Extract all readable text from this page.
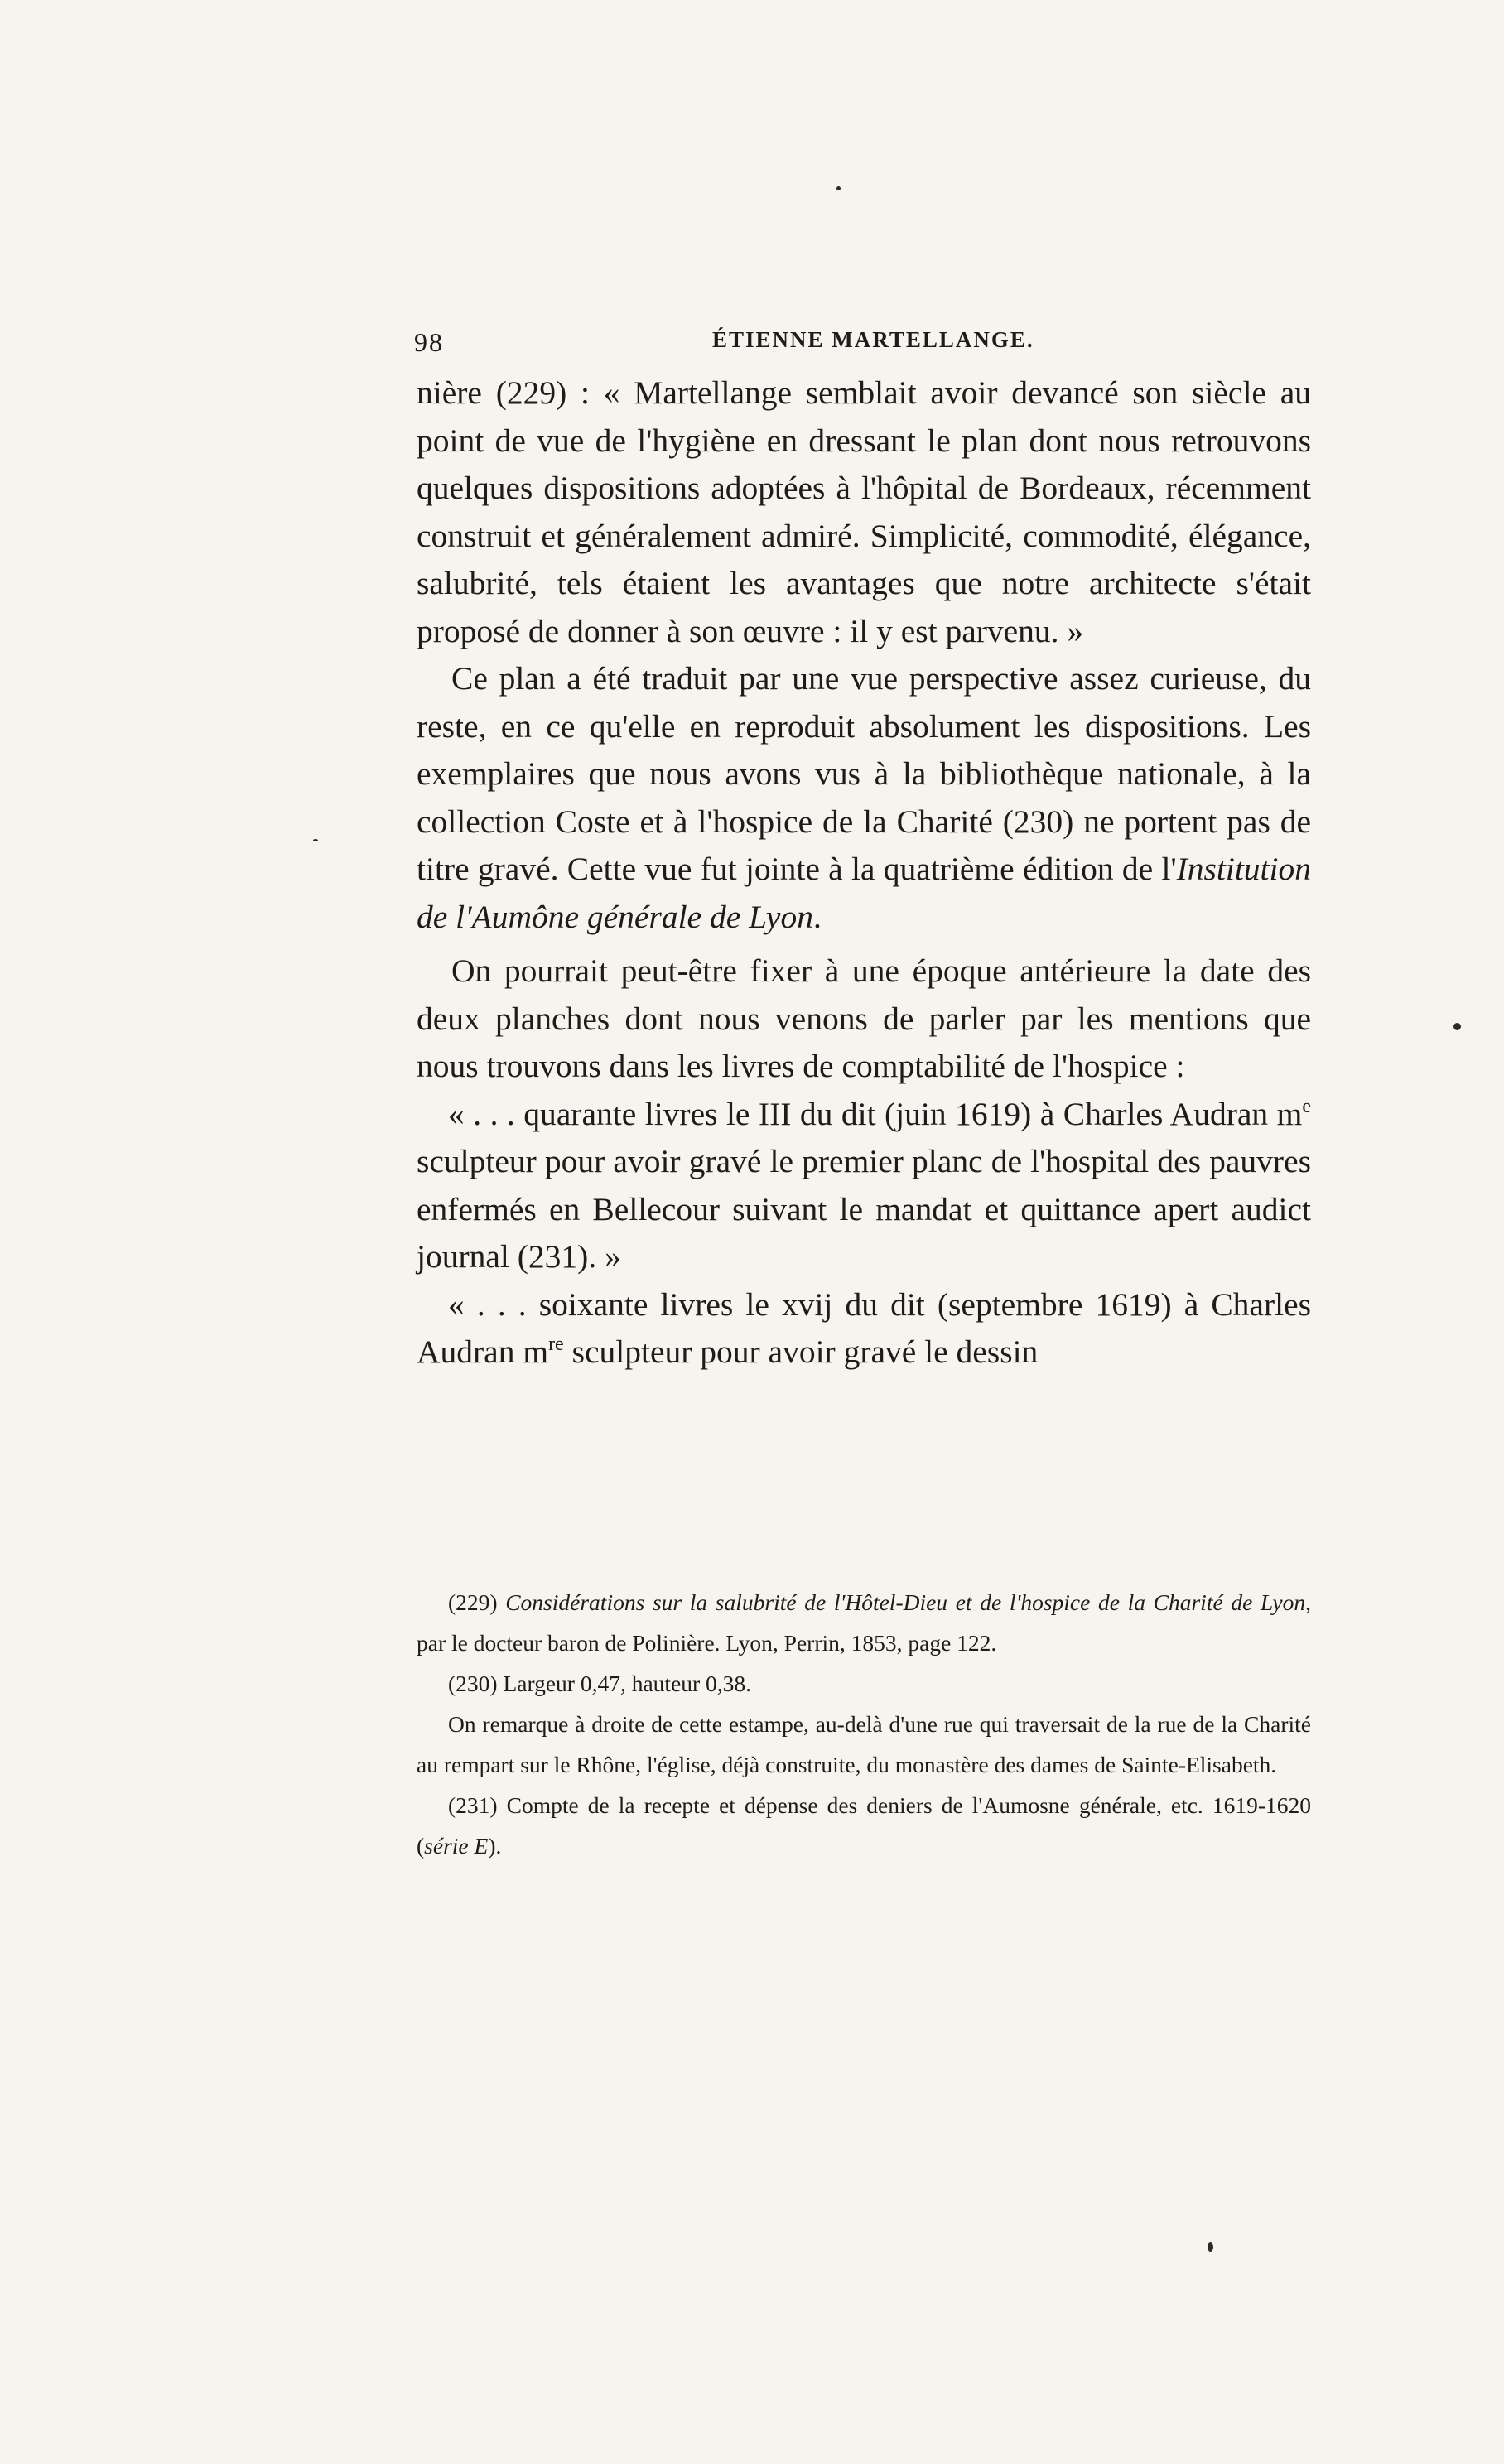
98	ÉTIENNE MARTELLANGE.

nière (229) : « Martellange semblait avoir devancé son siècle au point de vue de l'hygiène en dressant le plan dont nous retrouvons quelques dispositions adoptées à l'hôpital de Bordeaux, récemment construit et généralement admiré. Simplicité, commodité, élégance, salubrité, tels étaient les avantages que notre architecte s'était proposé de donner à son œuvre : il y est parvenu. »

Ce plan a été traduit par une vue perspective assez curieuse, du reste, en ce qu'elle en reproduit absolument les dispositions. Les exemplaires que nous avons vus à la bibliothèque nationale, à la collection Coste et à l'hospice de la Charité (230) ne portent pas de titre gravé. Cette vue fut jointe à la quatrième édition de l'Institution de l'Aumône générale de Lyon.

On pourrait peut-être fixer à une époque antérieure la date des deux planches dont nous venons de parler par les mentions que nous trouvons dans les livres de comptabilité de l'hospice :

« . . . quarante livres le III du dit (juin 1619) à Charles Audran $m^e$ sculpteur pour avoir gravé le premier planc de l'hospital des pauvres enfermés en Bellecour suivant le mandat et quittance apert audict journal (231). »

« . . . soixante livres le xvij du dit (septembre 1619) à Charles Audran $m^{re}$ sculpteur pour avoir gravé le dessin

(229) Considérations sur la salubrité de l'Hôtel-Dieu et de l'hospice de la Charité de Lyon, par le docteur baron de Polinière. Lyon, Perrin, 1853, page 122.

(230) Largeur 0,47, hauteur 0,38.

On remarque à droite de cette estampe, au-delà d'une rue qui traversait de la rue de la Charité au rempart sur le Rhône, l'église, déjà construite, du monastère des dames de Sainte-Elisabeth.

(231) Compte de la recepte et dépense des deniers de l'Aumosne générale, etc. 1619-1620 (série E).
